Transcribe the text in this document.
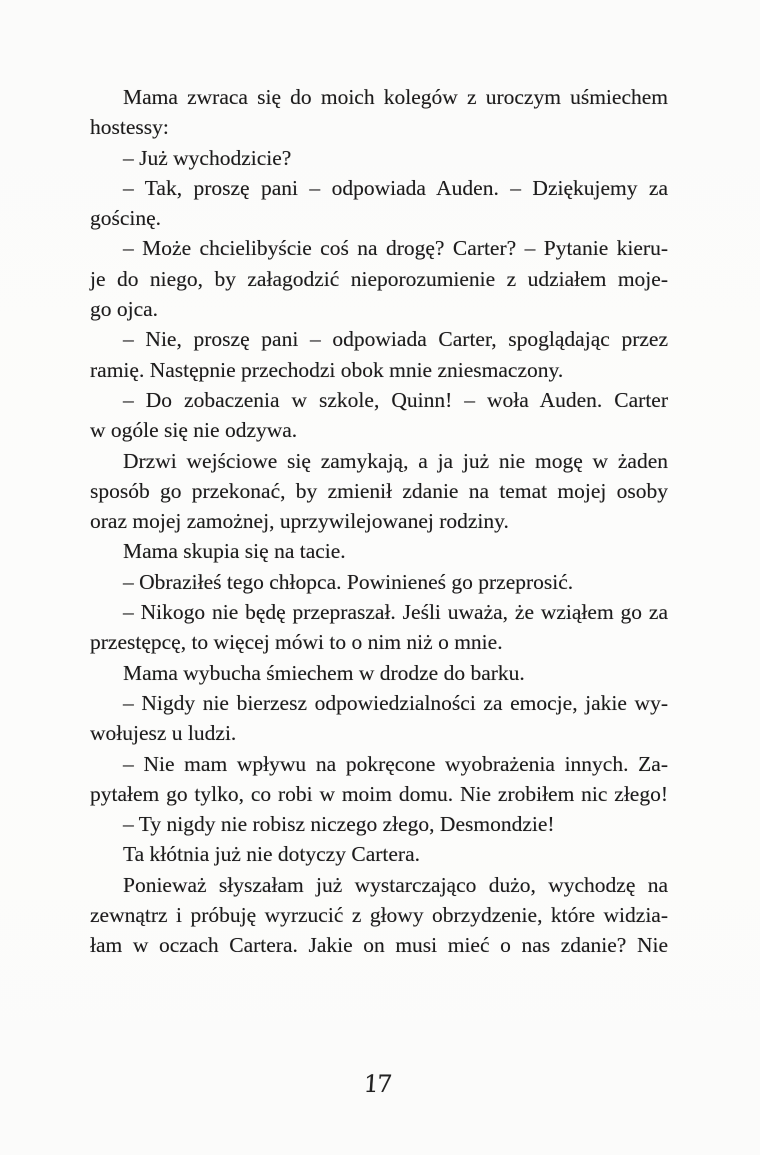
Mama zwraca się do moich kolegów z uroczym uśmiechem
hostessy:
– Już wychodzicie?
– Tak, proszę pani – odpowiada Auden. – Dziękujemy za
gościnę.
– Może chcielibyście coś na drogę? Carter? – Pytanie kieru-
je do niego, by załagodzić nieporozumienie z udziałem moje-
go ojca.
– Nie, proszę pani – odpowiada Carter, spoglądając przez
ramię. Następnie przechodzi obok mnie zniesmaczony.
– Do zobaczenia w szkole, Quinn! – woła Auden. Carter
w ogóle się nie odzywa.
Drzwi wejściowe się zamykają, a ja już nie mogę w żaden
sposób go przekonać, by zmienił zdanie na temat mojej osoby
oraz mojej zamożnej, uprzywilejowanej rodziny.
Mama skupia się na tacie.
– Obraziłeś tego chłopca. Powinieneś go przeprosić.
– Nikogo nie będę przepraszał. Jeśli uważa, że wziąłem go za
przestępcę, to więcej mówi to o nim niż o mnie.
Mama wybucha śmiechem w drodze do barku.
– Nigdy nie bierzesz odpowiedzialności za emocje, jakie wy-
wołujesz u ludzi.
– Nie mam wpływu na pokręcone wyobrażenia innych. Za-
pytałem go tylko, co robi w moim domu. Nie zrobiłem nic złego!
– Ty nigdy nie robisz niczego złego, Desmondzie!
Ta kłótnia już nie dotyczy Cartera.
Ponieważ słyszałam już wystarczająco dużo, wychodzę na
zewnątrz i próbuję wyrzucić z głowy obrzydzenie, które widzia-
łam w oczach Cartera. Jakie on musi mieć o nas zdanie? Nie
17
